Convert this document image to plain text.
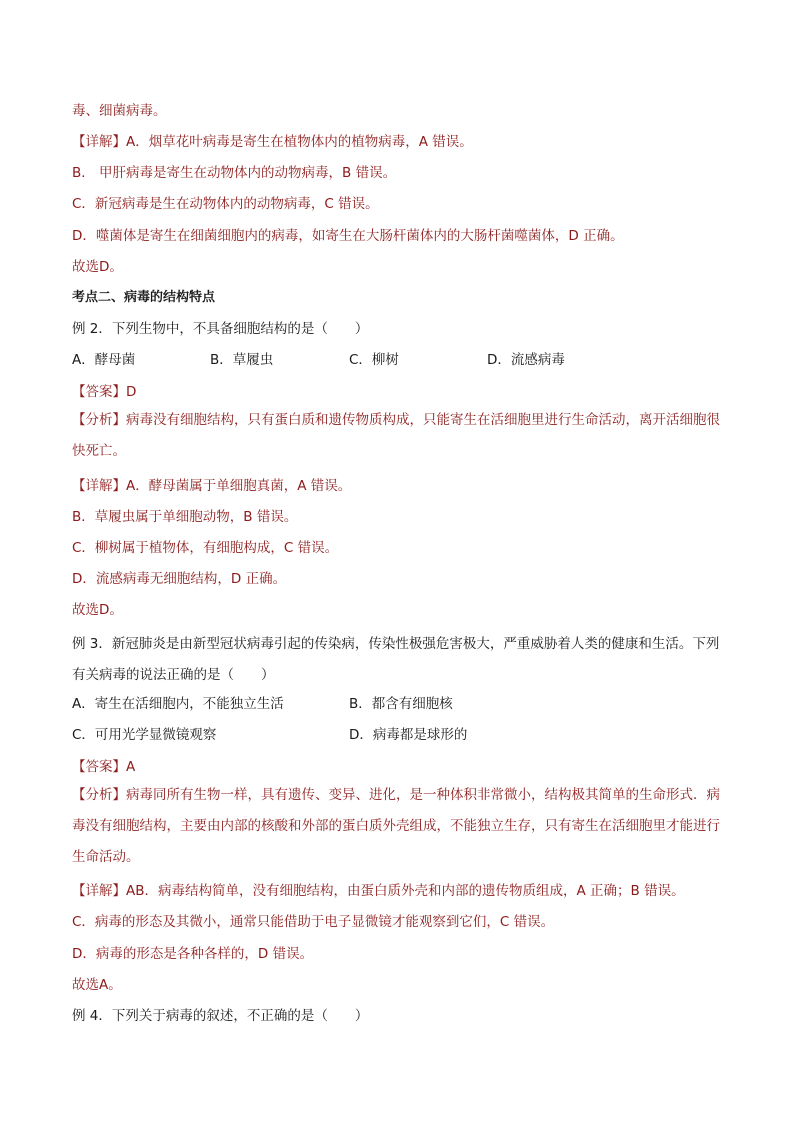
毒、细菌病毒。
【详解】A．烟草花叶病毒是寄生在植物体内的植物病毒，A 错误。
B． 甲肝病毒是寄生在动物体内的动物病毒，B 错误。
C．新冠病毒是生在动物体内的动物病毒，C 错误。
D．噬菌体是寄生在细菌细胞内的病毒，如寄生在大肠杆菌体内的大肠杆菌噬菌体，D 正确。
故选D。
考点二、病毒的结构特点
例 2．下列生物中，不具备细胞结构的是（　　）
A．酵母菌	B．草履虫	C．柳树	D．流感病毒
【答案】D
【分析】病毒没有细胞结构，只有蛋白质和遗传物质构成，只能寄生在活细胞里进行生命活动，离开活细胞很快死亡。
【详解】A．酵母菌属于单细胞真菌，A 错误。
B．草履虫属于单细胞动物，B 错误。
C．柳树属于植物体，有细胞构成，C 错误。
D．流感病毒无细胞结构，D 正确。
故选D。
例 3．新冠肺炎是由新型冠状病毒引起的传染病，传染性极强危害极大，严重威胁着人类的健康和生活。下列有关病毒的说法正确的是（　　）
A．寄生在活细胞内，不能独立生活	B．都含有细胞核
C．可用光学显微镜观察	D．病毒都是球形的
【答案】A
【分析】病毒同所有生物一样，具有遗传、变异、进化，是一种体积非常微小，结构极其简单的生命形式．病毒没有细胞结构，主要由内部的核酸和外部的蛋白质外壳组成，不能独立生存，只有寄生在活细胞里才能进行生命活动。
【详解】AB．病毒结构简单，没有细胞结构，由蛋白质外壳和内部的遗传物质组成，A 正确；B 错误。
C．病毒的形态及其微小，通常只能借助于电子显微镜才能观察到它们，C 错误。
D．病毒的形态是各种各样的，D 错误。
故选A。
例 4．下列关于病毒的叙述，不正确的是（　　）
